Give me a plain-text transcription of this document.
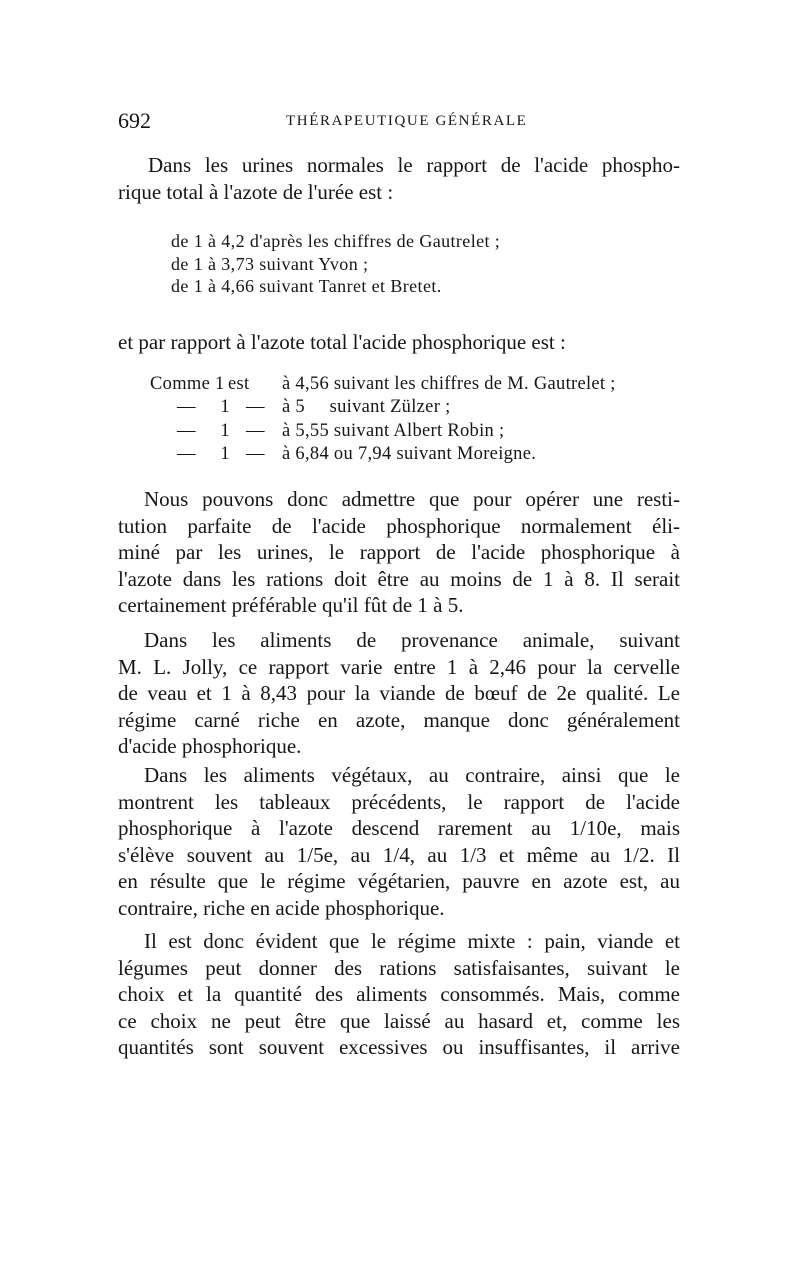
692	THÉRAPEUTIQUE GÉNÉRALE

Dans les urines normales le rapport de l'acide phospho-
rique total à l'azote de l'urée est :

de 1 à 4,2 d'après les chiffres de Gautrelet ;
de 1 à 3,73 suivant Yvon ;
de 1 à 4,66 suivant Tanret et Bretet.

et par rapport à l'azote total l'acide phosphorique est :

Comme 1 est à 4,56 suivant les chiffres de M. Gautrelet ;
—     1 — à 5     suivant Zülzer ;
—     1 — à 5,55 suivant Albert Robin ;
—     1 — à 6,84 ou 7,94 suivant Moreigne.

Nous pouvons donc admettre que pour opérer une resti-
tution parfaite de l'acide phosphorique normalement éli-
miné par les urines, le rapport de l'acide phosphorique à
l'azote dans les rations doit être au moins de 1 à 8. Il serait
certainement préférable qu'il fût de 1 à 5.

Dans les aliments de provenance animale, suivant
M. L. Jolly, ce rapport varie entre 1 à 2,46 pour la cervelle
de veau et 1 à 8,43 pour la viande de bœuf de 2e qualité. Le
régime carné riche en azote, manque donc généralement
d'acide phosphorique.

Dans les aliments végétaux, au contraire, ainsi que le
montrent les tableaux précédents, le rapport de l'acide
phosphorique à l'azote descend rarement au 1/10e, mais
s'élève souvent au 1/5e, au 1/4, au 1/3 et même au 1/2. Il
en résulte que le régime végétarien, pauvre en azote est, au
contraire, riche en acide phosphorique.

Il est donc évident que le régime mixte : pain, viande et
légumes peut donner des rations satisfaisantes, suivant le
choix et la quantité des aliments consommés. Mais, comme
ce choix ne peut être que laissé au hasard et, comme les
quantités sont souvent excessives ou insuffisantes, il arrive
